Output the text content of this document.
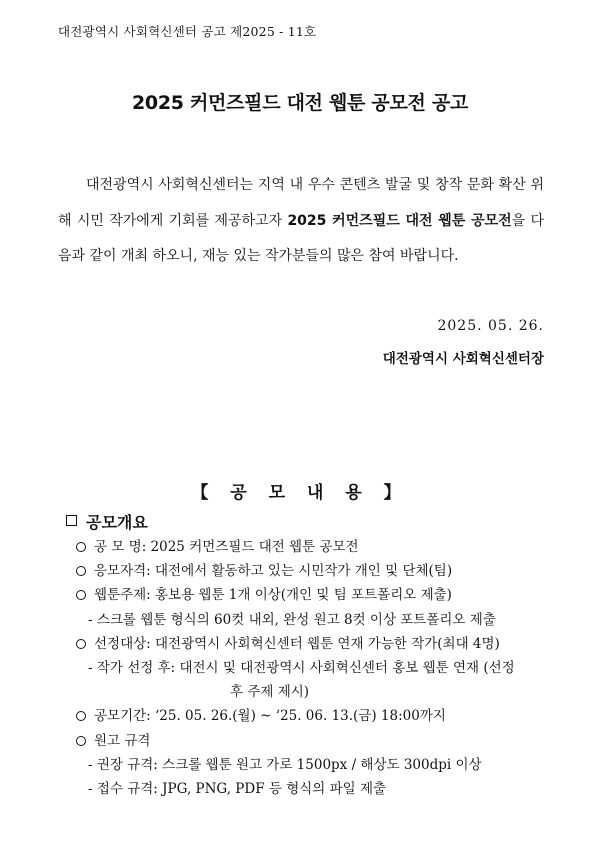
대전광역시 사회혁신센터 공고 제2025 - 11호
2025 커먼즈필드 대전 웹툰 공모전 공고
대전광역시 사회혁신센터는 지역 내 우수 콘텐츠 발굴 및 창작 문화 확산 위해 시민 작가에게 기회를 제공하고자 2025 커먼즈필드 대전 웹툰 공모전을 다음과 같이 개최 하오니, 재능 있는 작가분들의 많은 참여 바랍니다.
2025. 05. 26.
대전광역시 사회혁신센터장
【 공 모 내 용 】
공모개요
공 모 명: 2025 커먼즈필드 대전 웹툰 공모전
응모자격: 대전에서 활동하고 있는 시민작가 개인 및 단체(팀)
웹툰주제: 홍보용 웹툰 1개 이상(개인 및 팀 포트폴리오 제출)
- 스크롤 웹툰 형식의 60컷 내외, 완성 원고 8컷 이상 포트폴리오 제출
선정대상: 대전광역시 사회혁신센터 웹툰 연재 가능한 작가(최대 4명)
- 작가 선정 후: 대전시 및 대전광역시 사회혁신센터 홍보 웹툰 연재 (선정
후 주제 제시)
공모기간: ‘25. 05. 26.(월) ~ ‘25. 06. 13.(금) 18:00까지
원고 규격
- 권장 규격: 스크롤 웹툰 원고 가로 1500px / 해상도 300dpi 이상
- 접수 규격: JPG, PNG, PDF 등 형식의 파일 제출
